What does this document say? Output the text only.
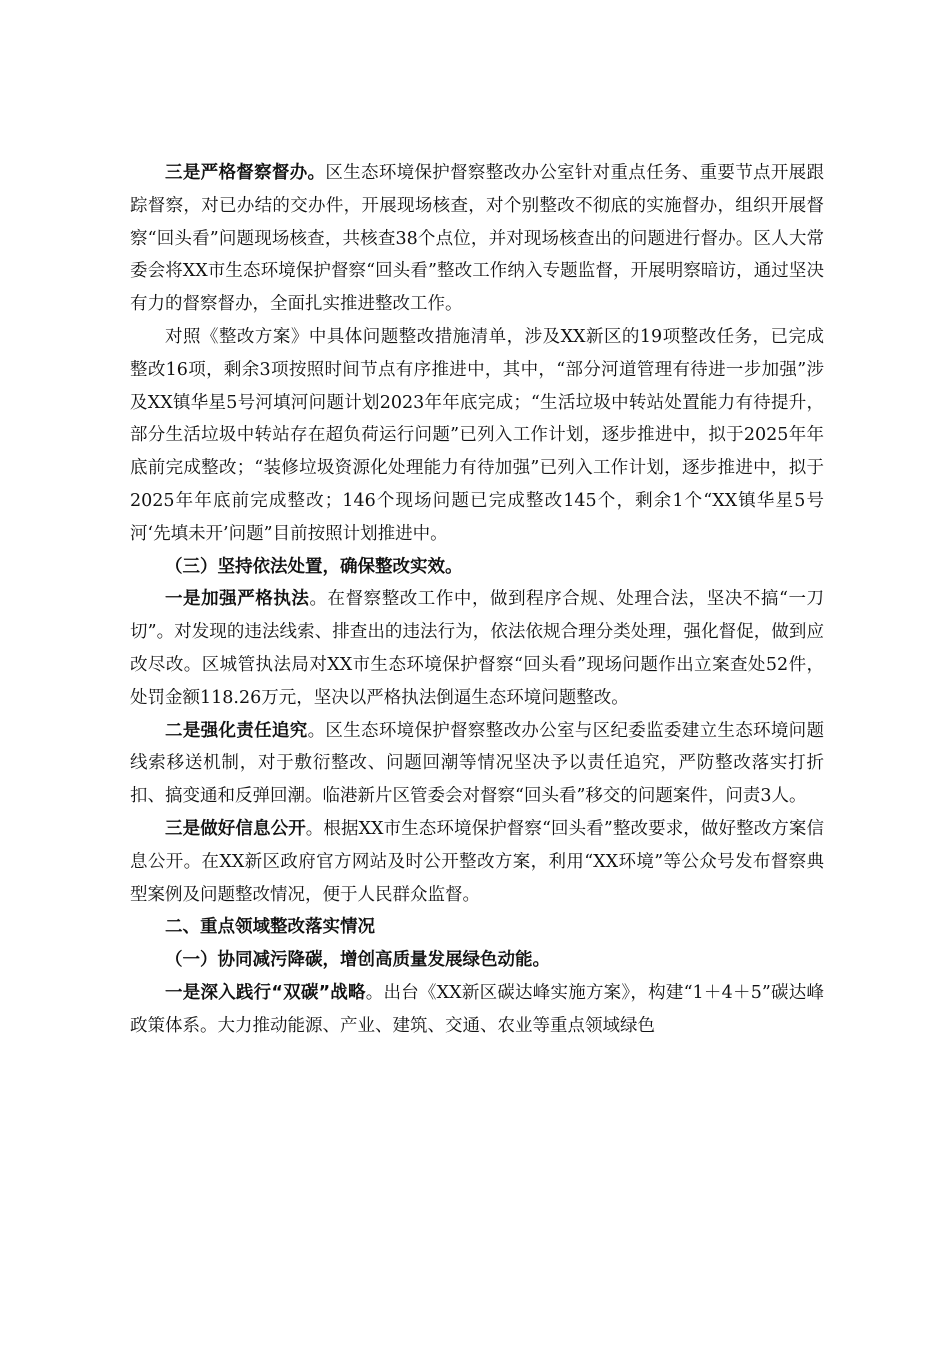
三是严格督察督办。区生态环境保护督察整改办公室针对重点任务、重要节点开展跟踪督察，对已办结的交办件，开展现场核查，对个别整改不彻底的实施督办，组织开展督察“回头看”问题现场核查，共核查38个点位，并对现场核查出的问题进行督办。区人大常委会将XX市生态环境保护督察“回头看”整改工作纳入专题监督，开展明察暗访，通过坚决有力的督察督办，全面扎实推进整改工作。

对照《整改方案》中具体问题整改措施清单，涉及XX新区的19项整改任务，已完成整改16项，剩余3项按照时间节点有序推进中，其中，“部分河道管理有待进一步加强”涉及XX镇华星5号河填河问题计划2023年年底完成；“生活垃圾中转站处置能力有待提升，部分生活垃圾中转站存在超负荷运行问题”已列入工作计划，逐步推进中，拟于2025年年底前完成整改；“装修垃圾资源化处理能力有待加强”已列入工作计划，逐步推进中，拟于2025年年底前完成整改；146个现场问题已完成整改145个，剩余1个“XX镇华星5号河‘先填未开’问题”目前按照计划推进中。

（三）坚持依法处置，确保整改实效。

一是加强严格执法。在督察整改工作中，做到程序合规、处理合法，坚决不搞“一刀切”。对发现的违法线索、排查出的违法行为，依法依规合理分类处理，强化督促，做到应改尽改。区城管执法局对XX市生态环境保护督察“回头看”现场问题作出立案查处52件，处罚金额118.26万元，坚决以严格执法倒逼生态环境问题整改。

二是强化责任追究。区生态环境保护督察整改办公室与区纪委监委建立生态环境问题线索移送机制，对于敷衍整改、问题回潮等情况坚决予以责任追究，严防整改落实打折扣、搞变通和反弹回潮。临港新片区管委会对督察“回头看”移交的问题案件，问责3人。

三是做好信息公开。根据XX市生态环境保护督察“回头看”整改要求，做好整改方案信息公开。在XX新区政府官方网站及时公开整改方案，利用“XX环境”等公众号发布督察典型案例及问题整改情况，便于人民群众监督。

二、重点领域整改落实情况

（一）协同减污降碳，增创高质量发展绿色动能。

一是深入践行“双碳”战略。出台《XX新区碳达峰实施方案》，构建“1＋4＋5”碳达峰政策体系。大力推动能源、产业、建筑、交通、农业等重点领域绿色
